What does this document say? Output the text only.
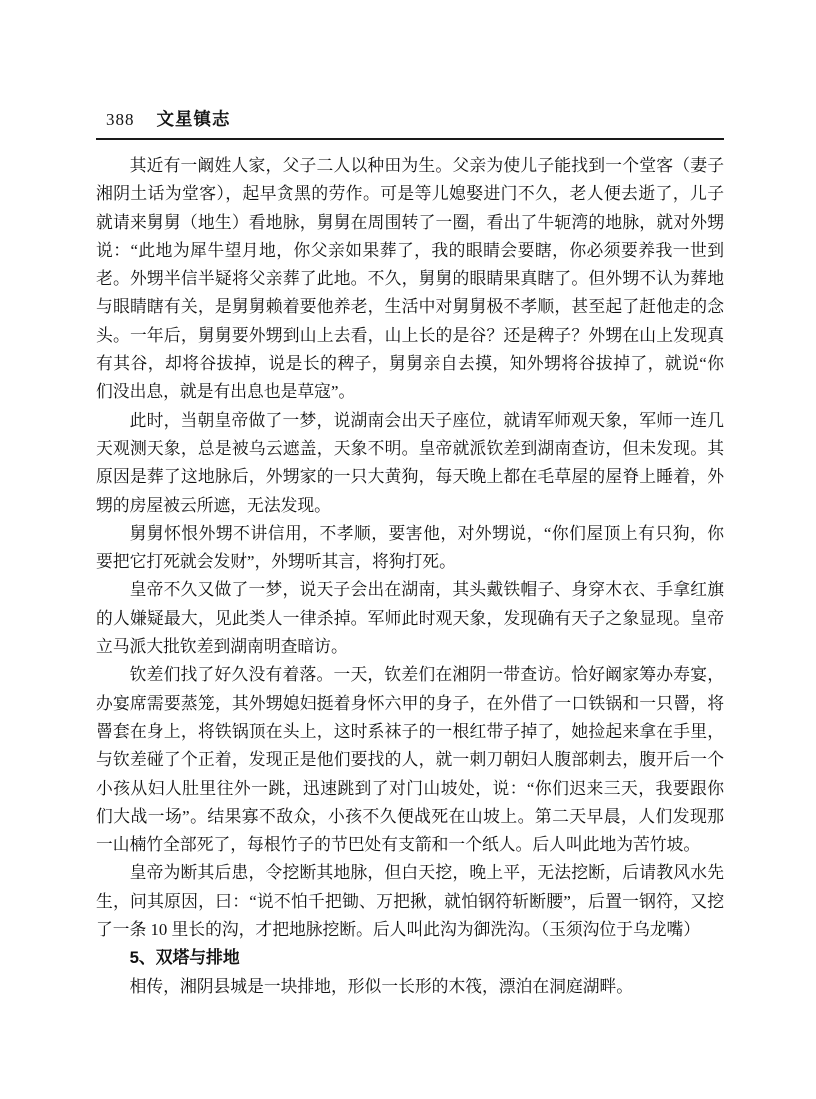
388 文星镇志

其近有一阚姓人家，父子二人以种田为生。父亲为使儿子能找到一个堂客（妻子湘阴土话为堂客），起早贪黑的劳作。可是等儿媳娶进门不久，老人便去逝了，儿子就请来舅舅（地生）看地脉，舅舅在周围转了一圈，看出了牛轭湾的地脉，就对外甥说：“此地为犀牛望月地，你父亲如果葬了，我的眼睛会要瞎，你必须要养我一世到老。外甥半信半疑将父亲葬了此地。不久，舅舅的眼睛果真瞎了。但外甥不认为葬地与眼睛瞎有关，是舅舅赖着要他养老，生活中对舅舅极不孝顺，甚至起了赶他走的念头。一年后，舅舅要外甥到山上去看，山上长的是谷？还是稗子？外甥在山上发现真有其谷，却将谷拔掉，说是长的稗子，舅舅亲自去摸，知外甥将谷拔掉了，就说“你们没出息，就是有出息也是草寇”。

此时，当朝皇帝做了一梦，说湖南会出天子座位，就请军师观天象，军师一连几天观测天象，总是被乌云遮盖，天象不明。皇帝就派钦差到湖南查访，但未发现。其原因是葬了这地脉后，外甥家的一只大黄狗，每天晚上都在毛草屋的屋脊上睡着，外甥的房屋被云所遮，无法发现。

舅舅怀恨外甥不讲信用，不孝顺，要害他，对外甥说，“你们屋顶上有只狗，你要把它打死就会发财”，外甥听其言，将狗打死。

皇帝不久又做了一梦，说天子会出在湖南，其头戴铁帽子、身穿木衣、手拿红旗的人嫌疑最大，见此类人一律杀掉。军师此时观天象，发现确有天子之象显现。皇帝立马派大批钦差到湖南明查暗访。

钦差们找了好久没有着落。一天，钦差们在湘阴一带查访。恰好阚家筹办寿宴，办宴席需要蒸笼，其外甥媳妇挺着身怀六甲的身子，在外借了一口铁锅和一只罾，将罾套在身上，将铁锅顶在头上，这时系袜子的一根红带子掉了，她捡起来拿在手里，与钦差碰了个正着，发现正是他们要找的人，就一刺刀朝妇人腹部刺去，腹开后一个小孩从妇人肚里往外一跳，迅速跳到了对门山坡处，说：“你们迟来三天，我要跟你们大战一场”。结果寡不敌众，小孩不久便战死在山坡上。第二天早晨，人们发现那一山楠竹全部死了，每根竹子的节巴处有支箭和一个纸人。后人叫此地为苦竹坡。

皇帝为断其后患，令挖断其地脉，但白天挖，晚上平，无法挖断，后请教风水先生，问其原因，曰：“说不怕千把锄、万把揪，就怕钢符斩断腰”，后置一钢符，又挖了一条 10 里长的沟，才把地脉挖断。后人叫此沟为御洗沟。（玉须沟位于乌龙嘴）

5、双塔与排地

相传，湘阴县城是一块排地，形似一长形的木筏，漂泊在洞庭湖畔。
